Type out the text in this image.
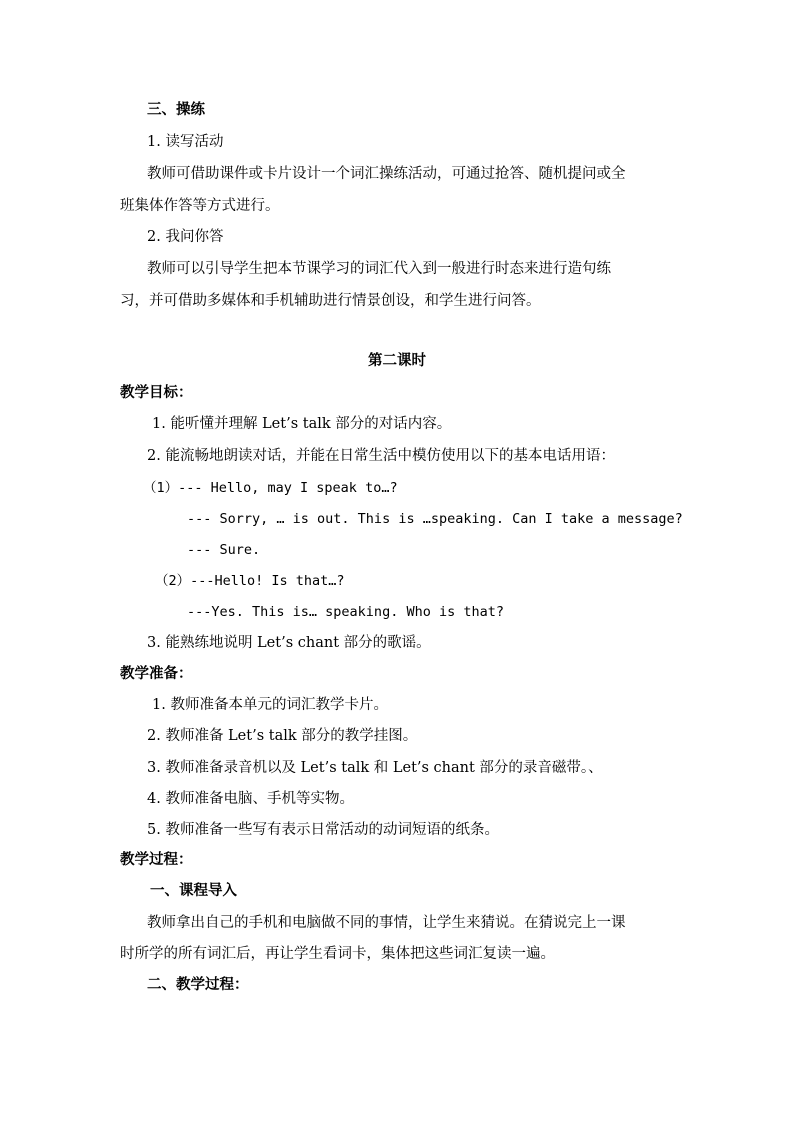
三、操练
1. 读写活动
教师可借助课件或卡片设计一个词汇操练活动，可通过抢答、随机提问或全
班集体作答等方式进行。
2. 我问你答
教师可以引导学生把本节课学习的词汇代入到一般进行时态来进行造句练
习，并可借助多媒体和手机辅助进行情景创设，和学生进行问答。
第二课时
教学目标：
1. 能听懂并理解 Let’s talk 部分的对话内容。
2. 能流畅地朗读对话，并能在日常生活中模仿使用以下的基本电话用语：
（1）--- Hello, may I speak to…?
--- Sorry, … is out. This is …speaking. Can I take a message?
--- Sure.
（2）---Hello! Is that…?
---Yes. This is… speaking. Who is that?
3. 能熟练地说明 Let’s chant 部分的歌谣。
教学准备：
1. 教师准备本单元的词汇教学卡片。
2. 教师准备 Let’s talk 部分的教学挂图。
3. 教师准备录音机以及 Let’s talk 和 Let’s chant 部分的录音磁带。、
4. 教师准备电脑、手机等实物。
5. 教师准备一些写有表示日常活动的动词短语的纸条。
教学过程：
一、课程导入
教师拿出自己的手机和电脑做不同的事情，让学生来猜说。在猜说完上一课
时所学的所有词汇后，再让学生看词卡，集体把这些词汇复读一遍。
二、教学过程：
